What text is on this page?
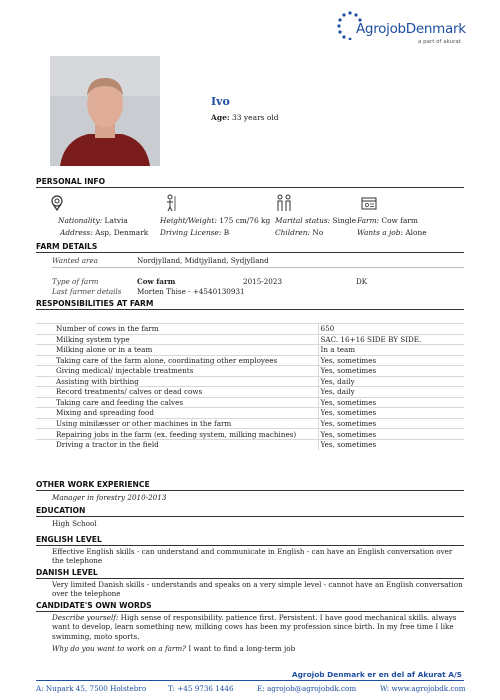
AgrojobDenmark
a part of akurat
Ivo
Age: 33 years old
PERSONAL INFO
Nationality: Latvia
Address: Asp, Denmark
Height/Weight: 175 cm/76 kg
Driving License: B
Marital status: Single
Children: No
Farm: Cow farm
Wants a job: Alone
FARM DETAILS
Wanted area	Nordjylland, Midtjylland, Sydjylland
Type of farm	Cow farm	2015-2023	DK
Last farmer details Morten Thise - +4540130931
RESPONSIBILITIES AT FARM
Number of cows in the farm	650
Milking system type	SAC. 16+16 SIDE BY SIDE.
Milking alone or in a team	In a team
Taking care of the farm alone, coordinating other employees	Yes, sometimes
Giving medical/ injectable treatments	Yes, sometimes
Assisting with birthing	Yes, daily
Record treatments/ calves or dead cows	Yes, daily
Taking care and feeding the calves	Yes, sometimes
Mixing and spreading food	Yes, sometimes
Using minilæsser or other machines in the farm	Yes, sometimes
Repairing jobs in the farm (ex. feeding system, milking machines)	Yes, sometimes
Driving a tractor in the field	Yes, sometimes
OTHER WORK EXPERIENCE
Manager in forestry 2010-2013
EDUCATION
High School
ENGLISH LEVEL
Effective English skills - can understand and communicate in English - can have an English conversation over the telephone
DANISH LEVEL
Very limited Danish skills - understands and speaks on a very simple level - cannot have an English conversation over the telephone
CANDIDATE'S OWN WORDS
Describe yourself: High sense of responsibility. patience first. Persistent. I have good mechanical skills. always want to develop, learn something new, milking cows has been my profession since birth. In my free time I like swimming, moto sports.
Why do you want to work on a farm? I want to find a long-term job
Agrojob Denmark er en del af Akurat A/S
A: Nupark 45, 7500 Holstebro	T: +45 9736 1446	E: agrojob@agrojobdk.com	W: www.agrojobdk.com
